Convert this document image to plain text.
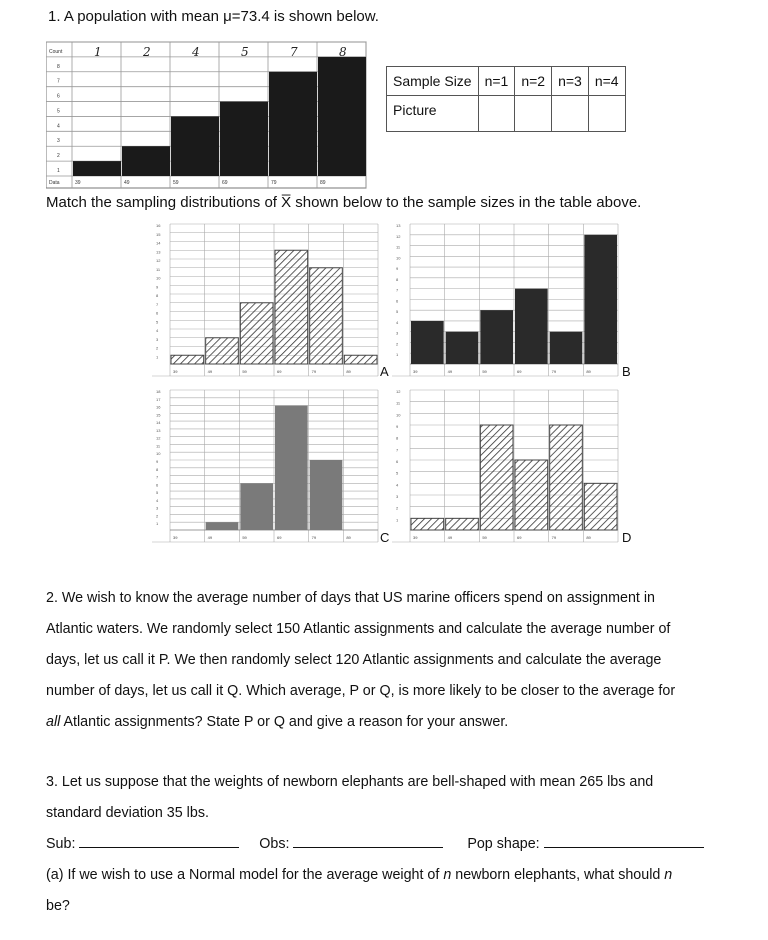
1. A population with mean μ=73.4 is shown below.
Count
8
7
6
5
4
3
2
1
Data	39	49	59	69	79	89
1	2	4	5	7	8
Sample Size	n=1	n=2	n=3	n=4
Picture				
Match the sampling distributions of X̅ shown below to the sample sizes in the table above.
39	49	59	69	79	89
1
2
3
4
5
6
7
8
9
10
11
12
13
14
15
16
39	49	59	69	79	89
1
2
3
4
5
6
7
8
9
10
11
12
13
39	49	59	69	79	89
1
2
3
4
5
6
7
8
9
10
11
12
13
14
15
16
17
18
39	49	59	69	79	89
1
2
3
4
5
6
7
8
9
10
11
12
A	B
C	D
2. We wish to know the average number of days that US marine officers spend on assignment in
Atlantic waters. We randomly select 150 Atlantic assignments and calculate the average number of
days, let us call it P. We then randomly select 120 Atlantic assignments and calculate the average
number of days, let us call it Q. Which average, P or Q, is more likely to be closer to the average for
all Atlantic assignments? State P or Q and give a reason for your answer.
3. Let us suppose that the weights of newborn elephants are bell-shaped with mean 265 lbs and
standard deviation 35 lbs.
Sub:	Obs:	Pop shape:
(a) If we wish to use a Normal model for the average weight of n newborn elephants, what should n
be?
